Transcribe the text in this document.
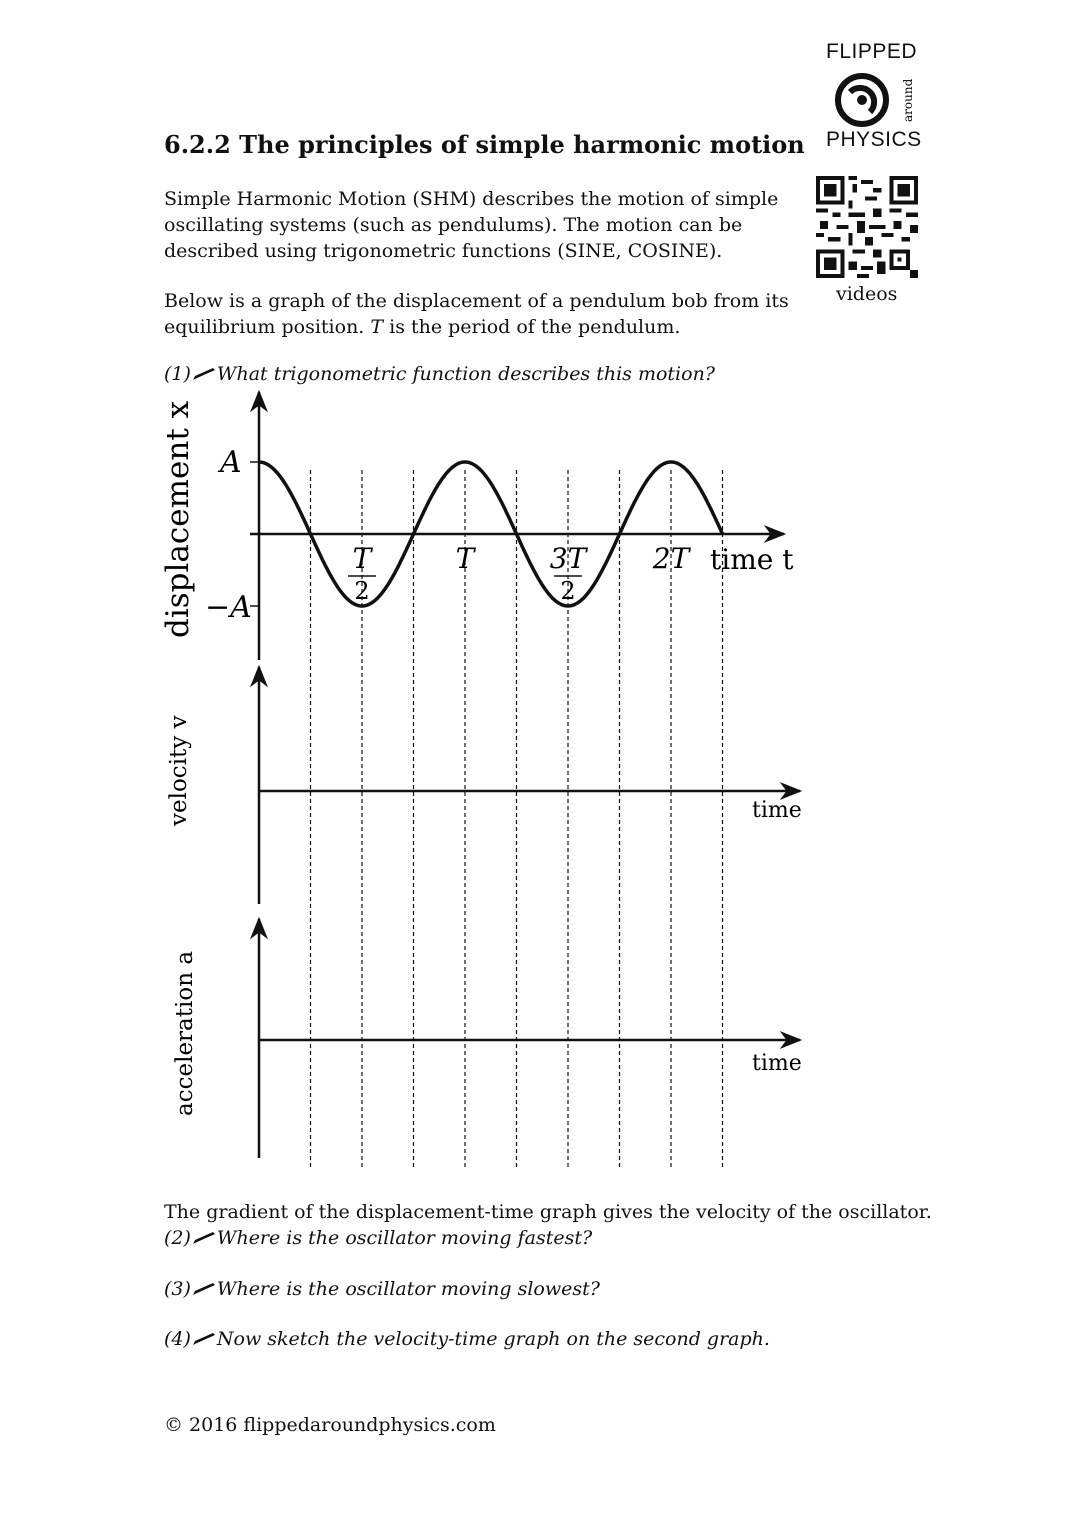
FLIPPED
around
PHYSICS
videos
6.2.2 The principles of simple harmonic motion
Simple Harmonic Motion (SHM) describes the motion of simple
oscillating systems (such as pendulums). The motion can be
described using trigonometric functions (SINE, COSINE).
Below is a graph of the displacement of a pendulum bob from its
equilibrium position. T is the period of the pendulum.
(1) What trigonometric function describes this motion?
A
−A
T
2
T	3T
2
2T time t
displacement x
time
velocity v
time
acceleration a
The gradient of the displacement-time graph gives the velocity of the oscillator.
(2) Where is the oscillator moving fastest?
(3) Where is the oscillator moving slowest?
(4) Now sketch the velocity-time graph on the second graph.
© 2016 flippedaroundphysics.com
